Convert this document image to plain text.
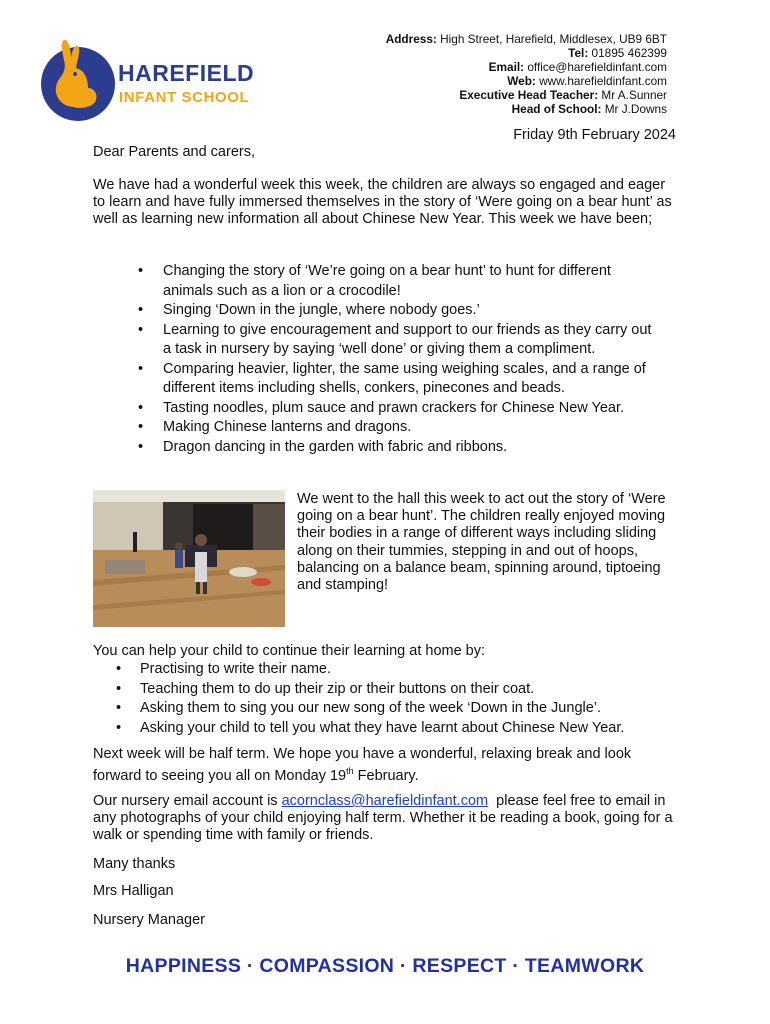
HAREFIELD
INFANT SCHOOL
Address: High Street, Harefield, Middlesex, UB9 6BT
Tel: 01895 462399
Email: office@harefieldinfant.com
Web: www.harefieldinfant.com
Executive Head Teacher: Mr A.Sunner
Head of School: Mr J.Downs
Friday 9th February 2024
Dear Parents and carers,
We have had a wonderful week this week, the children are always so engaged and eager to learn and have fully immersed themselves in the story of ‘Were going on a bear hunt’ as well as learning new information all about Chinese New Year. This week we have been;
• Changing the story of ‘We’re going on a bear hunt’ to hunt for different animals such as a lion or a crocodile!
• Singing ‘Down in the jungle, where nobody goes.’
• Learning to give encouragement and support to our friends as they carry out a task in nursery by saying ‘well done’ or giving them a compliment.
• Comparing heavier, lighter, the same using weighing scales, and a range of different items including shells, conkers, pinecones and beads.
• Tasting noodles, plum sauce and prawn crackers for Chinese New Year.
• Making Chinese lanterns and dragons.
• Dragon dancing in the garden with fabric and ribbons.
We went to the hall this week to act out the story of ‘Were going on a bear hunt’. The children really enjoyed moving their bodies in a range of different ways including sliding along on their tummies, stepping in and out of hoops, balancing on a balance beam, spinning around, tiptoeing and stamping!
You can help your child to continue their learning at home by:
• Practising to write their name.
• Teaching them to do up their zip or their buttons on their coat.
• Asking them to sing you our new song of the week ‘Down in the Jungle’.
• Asking your child to tell you what they have learnt about Chinese New Year.
Next week will be half term. We hope you have a wonderful, relaxing break and look forward to seeing you all on Monday 19th February.
Our nursery email account is acornclass@harefieldinfant.com  please feel free to email in any photographs of your child enjoying half term. Whether it be reading a book, going for a walk or spending time with family or friends.
Many thanks
Mrs Halligan
Nursery Manager
HAPPINESS · COMPASSION · RESPECT · TEAMWORK
